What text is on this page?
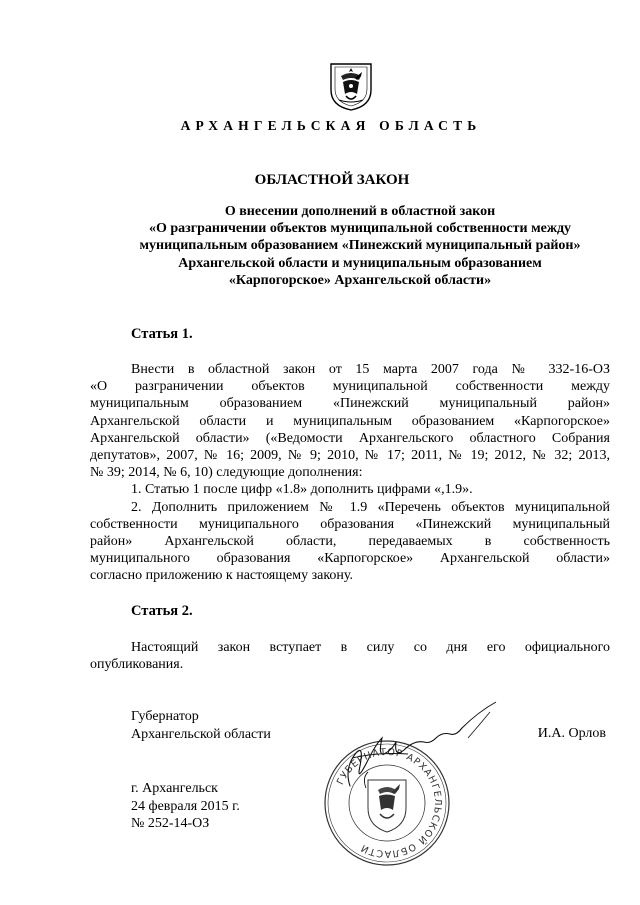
АРХАНГЕЛЬСКАЯ ОБЛАСТЬ
ОБЛАСТНОЙ ЗАКОН
О внесении дополнений в областной закон
«О разграничении объектов муниципальной собственности между
муниципальным образованием «Пинежский муниципальный район»
Архангельской области и муниципальным образованием
«Карпогорское» Архангельской области»
Статья 1.
Внести в областной закон от 15 марта 2007 года № 332-16-ОЗ
«О разграничении объектов муниципальной собственности между
муниципальным образованием «Пинежский муниципальный район»
Архангельской области и муниципальным образованием «Карпогорское»
Архангельской области» («Ведомости Архангельского областного Собрания
депутатов», 2007, № 16; 2009, № 9; 2010, № 17; 2011, № 19; 2012, № 32; 2013,
№ 39; 2014, № 6, 10) следующие дополнения:
1. Статью 1 после цифр «1.8» дополнить цифрами «,1.9».
2. Дополнить приложением № 1.9 «Перечень объектов муниципальной
собственности муниципального образования «Пинежский муниципальный
район» Архангельской области, передаваемых в собственность
муниципального образования «Карпогорское» Архангельской области»
согласно приложению к настоящему закону.
Статья 2.
Настоящий закон вступает в силу со дня его официального
опубликования.
Губернатор
Архангельской области	И.А. Орлов
ГУБЕРНАТОР АРХАНГЕЛЬСКОЙ ОБЛАСТИ
г. Архангельск
24 февраля 2015 г.
№ 252-14-ОЗ
